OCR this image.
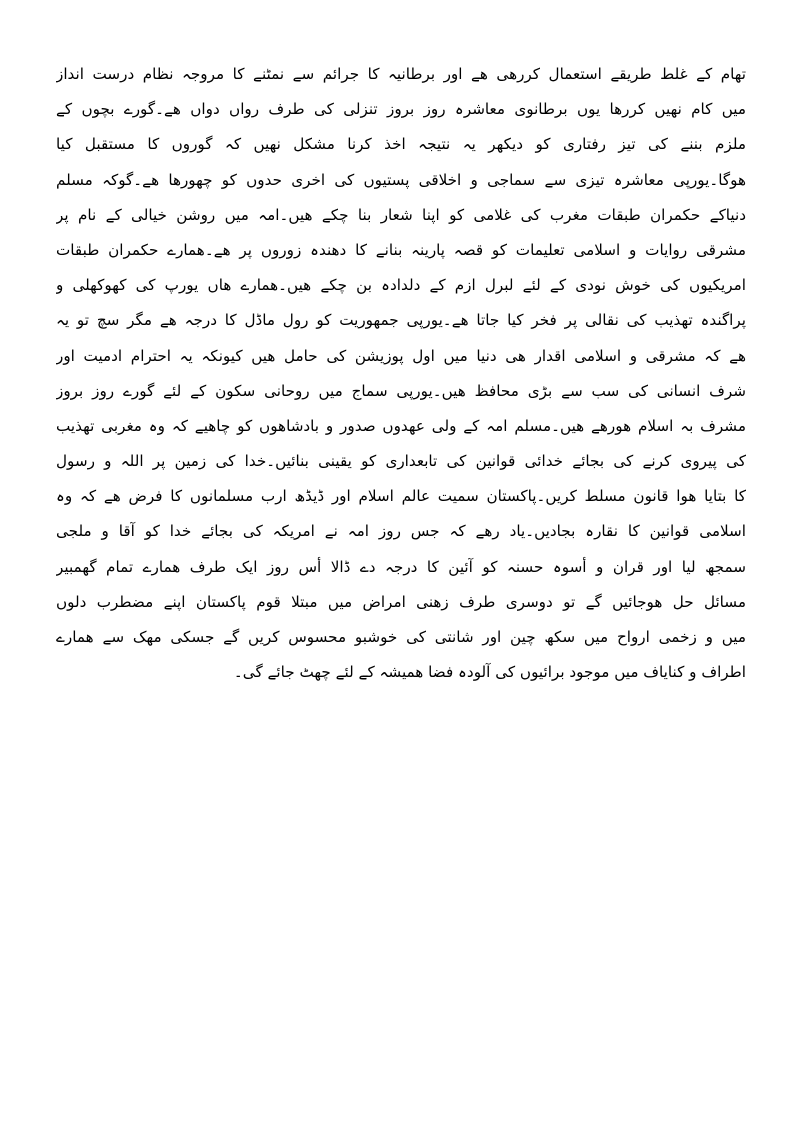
تھام کے غلط طریقے استعمال کررھی ھے اور برطانیہ کا جرائم سے نمٹنے کا مروجہ نظام درست انداز
میں کام نھیں کررھا یوں برطانوی معاشرہ روز بروز تنزلی کی طرف رواں دواں ھے۔گورے بچوں کے
ملزم بننے کی تیز رفتاری کو دیکھر یہ نتیجہ اخذ کرنا مشکل نھیں کہ گوروں کا مستقبل کیا
ھوگا۔یورپی معاشرہ تیزی سے سماجی و اخلاقی پستیوں کی اخری حدوں کو چھورھا ھے۔گوکہ مسلم
دنیاکے حکمران طبقات مغرب کی غلامی کو اپنا شعار بنا چکے ھیں۔امہ میں روشن خیالی کے نام پر
مشرقی روایات و اسلامی تعلیمات کو قصہ پارینہ بنانے کا دھندہ زوروں پر ھے۔ھمارے حکمران طبقات
امریکیوں کی خوش نودی کے لئے لبرل ازم کے دلدادہ بن چکے ھیں۔ھمارے ھاں یورپ کی کھوکھلی و
پراگندہ تھذیب کی نقالی پر فخر کیا جاتا ھے۔یورپی جمھوریت کو رول ماڈل کا درجہ ھے مگر سچ تو یہ
ھے کہ مشرقی و اسلامی اقدار ھی دنیا میں اول پوزیشن کی حامل ھیں کیونکہ یہ احترام ادمیت اور
شرف انسانی کی سب سے بڑی محافظ ھیں۔یورپی سماج میں روحانی سکون کے لئے گورے روز بروز
مشرف بہ اسلام ھورھے ھیں۔مسلم امہ کے ولی عھدوں صدور و بادشاھوں کو چاھیے کہ وہ مغربی تھذیب
کی پیروی کرنے کی بجائے خدائی قوانین کی تابعداری کو یقینی بنائیں۔خدا کی زمین پر اللہ و رسول
کا بتایا ھوا قانون مسلط کریں۔پاکستان سمیت عالم اسلام اور ڈیڈھ ارب مسلمانوں کا فرض ھے کہ وہ
اسلامی قوانین کا نقارہ بجادیں۔یاد رھے کہ جس روز امہ نے امریکہ کی بجائے خدا کو آقا و ملجی
سمجھ لیا اور قران و أسوہ حسنہ کو آئین کا درجہ دے ڈالا أس روز ایک طرف ھمارے تمام گھمبیر
مسائل حل ھوجائیں گے تو دوسری طرف زھنی امراض میں مبتلا قوم پاکستان اپنے مضطرب دلوں
میں و زخمی ارواح میں سکھ چین اور شانتی کی خوشبو محسوس کریں گے جسکی مھک سے ھمارے
اطراف و کنایاف میں موجود برائیوں کی آلودہ فضا ھمیشہ کے لئے چھٹ جائے گی۔
